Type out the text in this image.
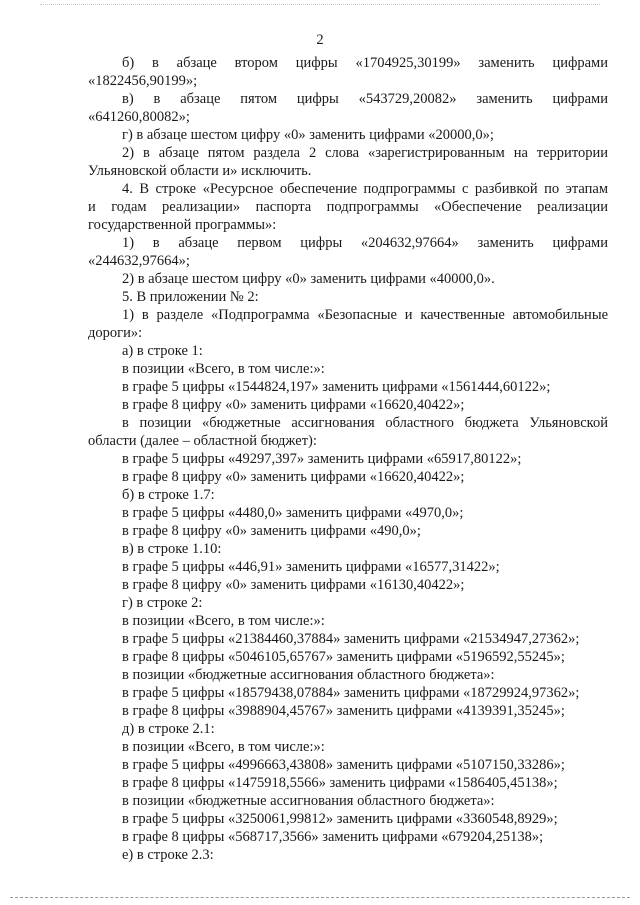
2

б) в абзаце втором цифры «1704925,30199» заменить цифрами

«1822456,90199»;

в) в абзаце пятом цифры «543729,20082» заменить цифрами

«641260,80082»;

г) в абзаце шестом цифру «0» заменить цифрами «20000,0»;

2) в абзаце пятом раздела 2 слова «зарегистрированным на территории

Ульяновской области и» исключить.

4. В строке «Ресурсное обеспечение подпрограммы с разбивкой по этапам

и годам реализации» паспорта подпрограммы «Обеспечение реализации

государственной программы»:

1) в абзаце первом цифры «204632,97664» заменить цифрами

«244632,97664»;

2) в абзаце шестом цифру «0» заменить цифрами «40000,0».

5. В приложении № 2:

1) в разделе «Подпрограмма «Безопасные и качественные автомобильные

дороги»:

а) в строке 1:

в позиции «Всего, в том числе:»:

в графе 5 цифры «1544824,197» заменить цифрами «1561444,60122»;

в графе 8 цифру «0» заменить цифрами «16620,40422»;

в позиции «бюджетные ассигнования областного бюджета Ульяновской

области (далее – областной бюджет):

в графе 5 цифры «49297,397» заменить цифрами «65917,80122»;

в графе 8 цифру «0» заменить цифрами «16620,40422»;

б) в строке 1.7:

в графе 5 цифры «4480,0» заменить цифрами «4970,0»;

в графе 8 цифру «0» заменить цифрами «490,0»;

в) в строке 1.10:

в графе 5 цифры «446,91» заменить цифрами «16577,31422»;

в графе 8 цифру «0» заменить цифрами «16130,40422»;

г) в строке 2:

в позиции «Всего, в том числе:»:

в графе 5 цифры «21384460,37884» заменить цифрами «21534947,27362»;

в графе 8 цифры «5046105,65767» заменить цифрами «5196592,55245»;

в позиции «бюджетные ассигнования областного бюджета»:

в графе 5 цифры «18579438,07884» заменить цифрами «18729924,97362»;

в графе 8 цифры «3988904,45767» заменить цифрами «4139391,35245»;

д) в строке 2.1:

в позиции «Всего, в том числе:»:

в графе 5 цифры «4996663,43808» заменить цифрами «5107150,33286»;

в графе 8 цифры «1475918,5566» заменить цифрами «1586405,45138»;

в позиции «бюджетные ассигнования областного бюджета»:

в графе 5 цифры «3250061,99812» заменить цифрами «3360548,8929»;

в графе 8 цифры «568717,3566» заменить цифрами «679204,25138»;

е) в строке 2.3:
